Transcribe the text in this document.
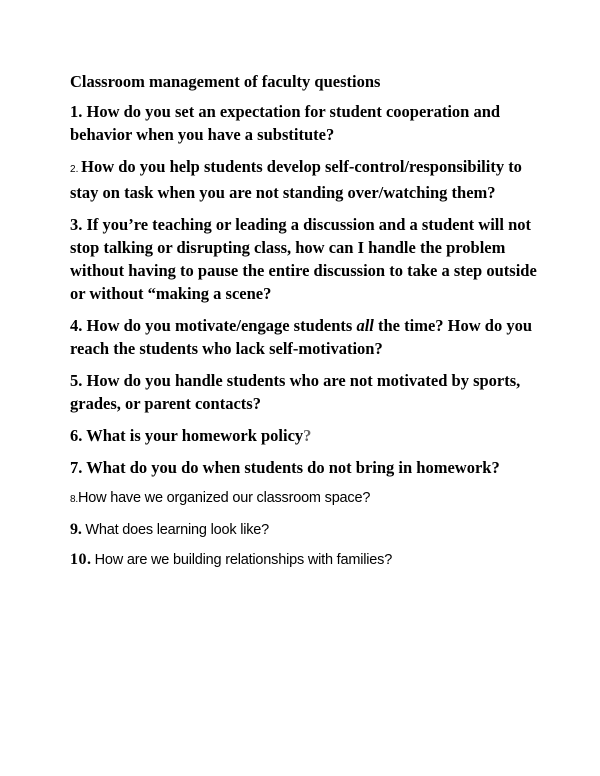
Classroom management of faculty questions

1. How do you set an expectation for student cooperation and behavior when you have a substitute?

2. How do you help students develop self-control/responsibility to stay on task when you are not standing over/watching them?

3. If you’re teaching or leading a discussion and a student will not stop talking or disrupting class, how can I handle the problem without having to pause the entire discussion to take a step outside or without “making a scene?

4. How do you motivate/engage students all the time? How do you reach the students who lack self-motivation?

5. How do you handle students who are not motivated by sports, grades, or parent contacts?

6. What is your homework policy?

7. What do you do when students do not bring in homework?

8.How have we organized our classroom space?

9. What does learning look like?

10. How are we building relationships with families?
